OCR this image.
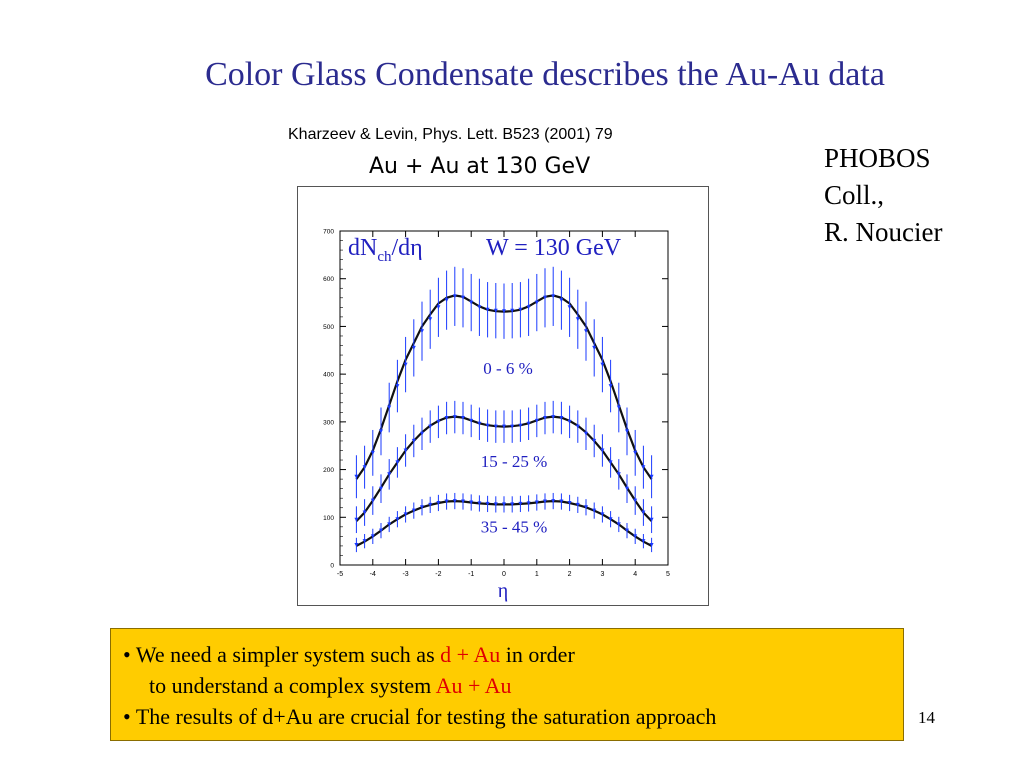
Color Glass Condensate describes the Au-Au data
Kharzeev & Levin, Phys. Lett. B523 (2001) 79
Au + Au at 130 GeV	PHOBOS
Coll.,
R. Noucier
-5	-4	-3	-2	-1	0	1	2	3	4	5
0
100
200
300
400
500
600
700
$dN_{ch}/d\eta$	W = 130 GeV
η
0 - 6 %
15 - 25 %
35 - 45 %
• We need a simpler system such as d + Au in order
to understand a complex system Au + Au
• The results of d+Au are crucial for testing the saturation approach	14
